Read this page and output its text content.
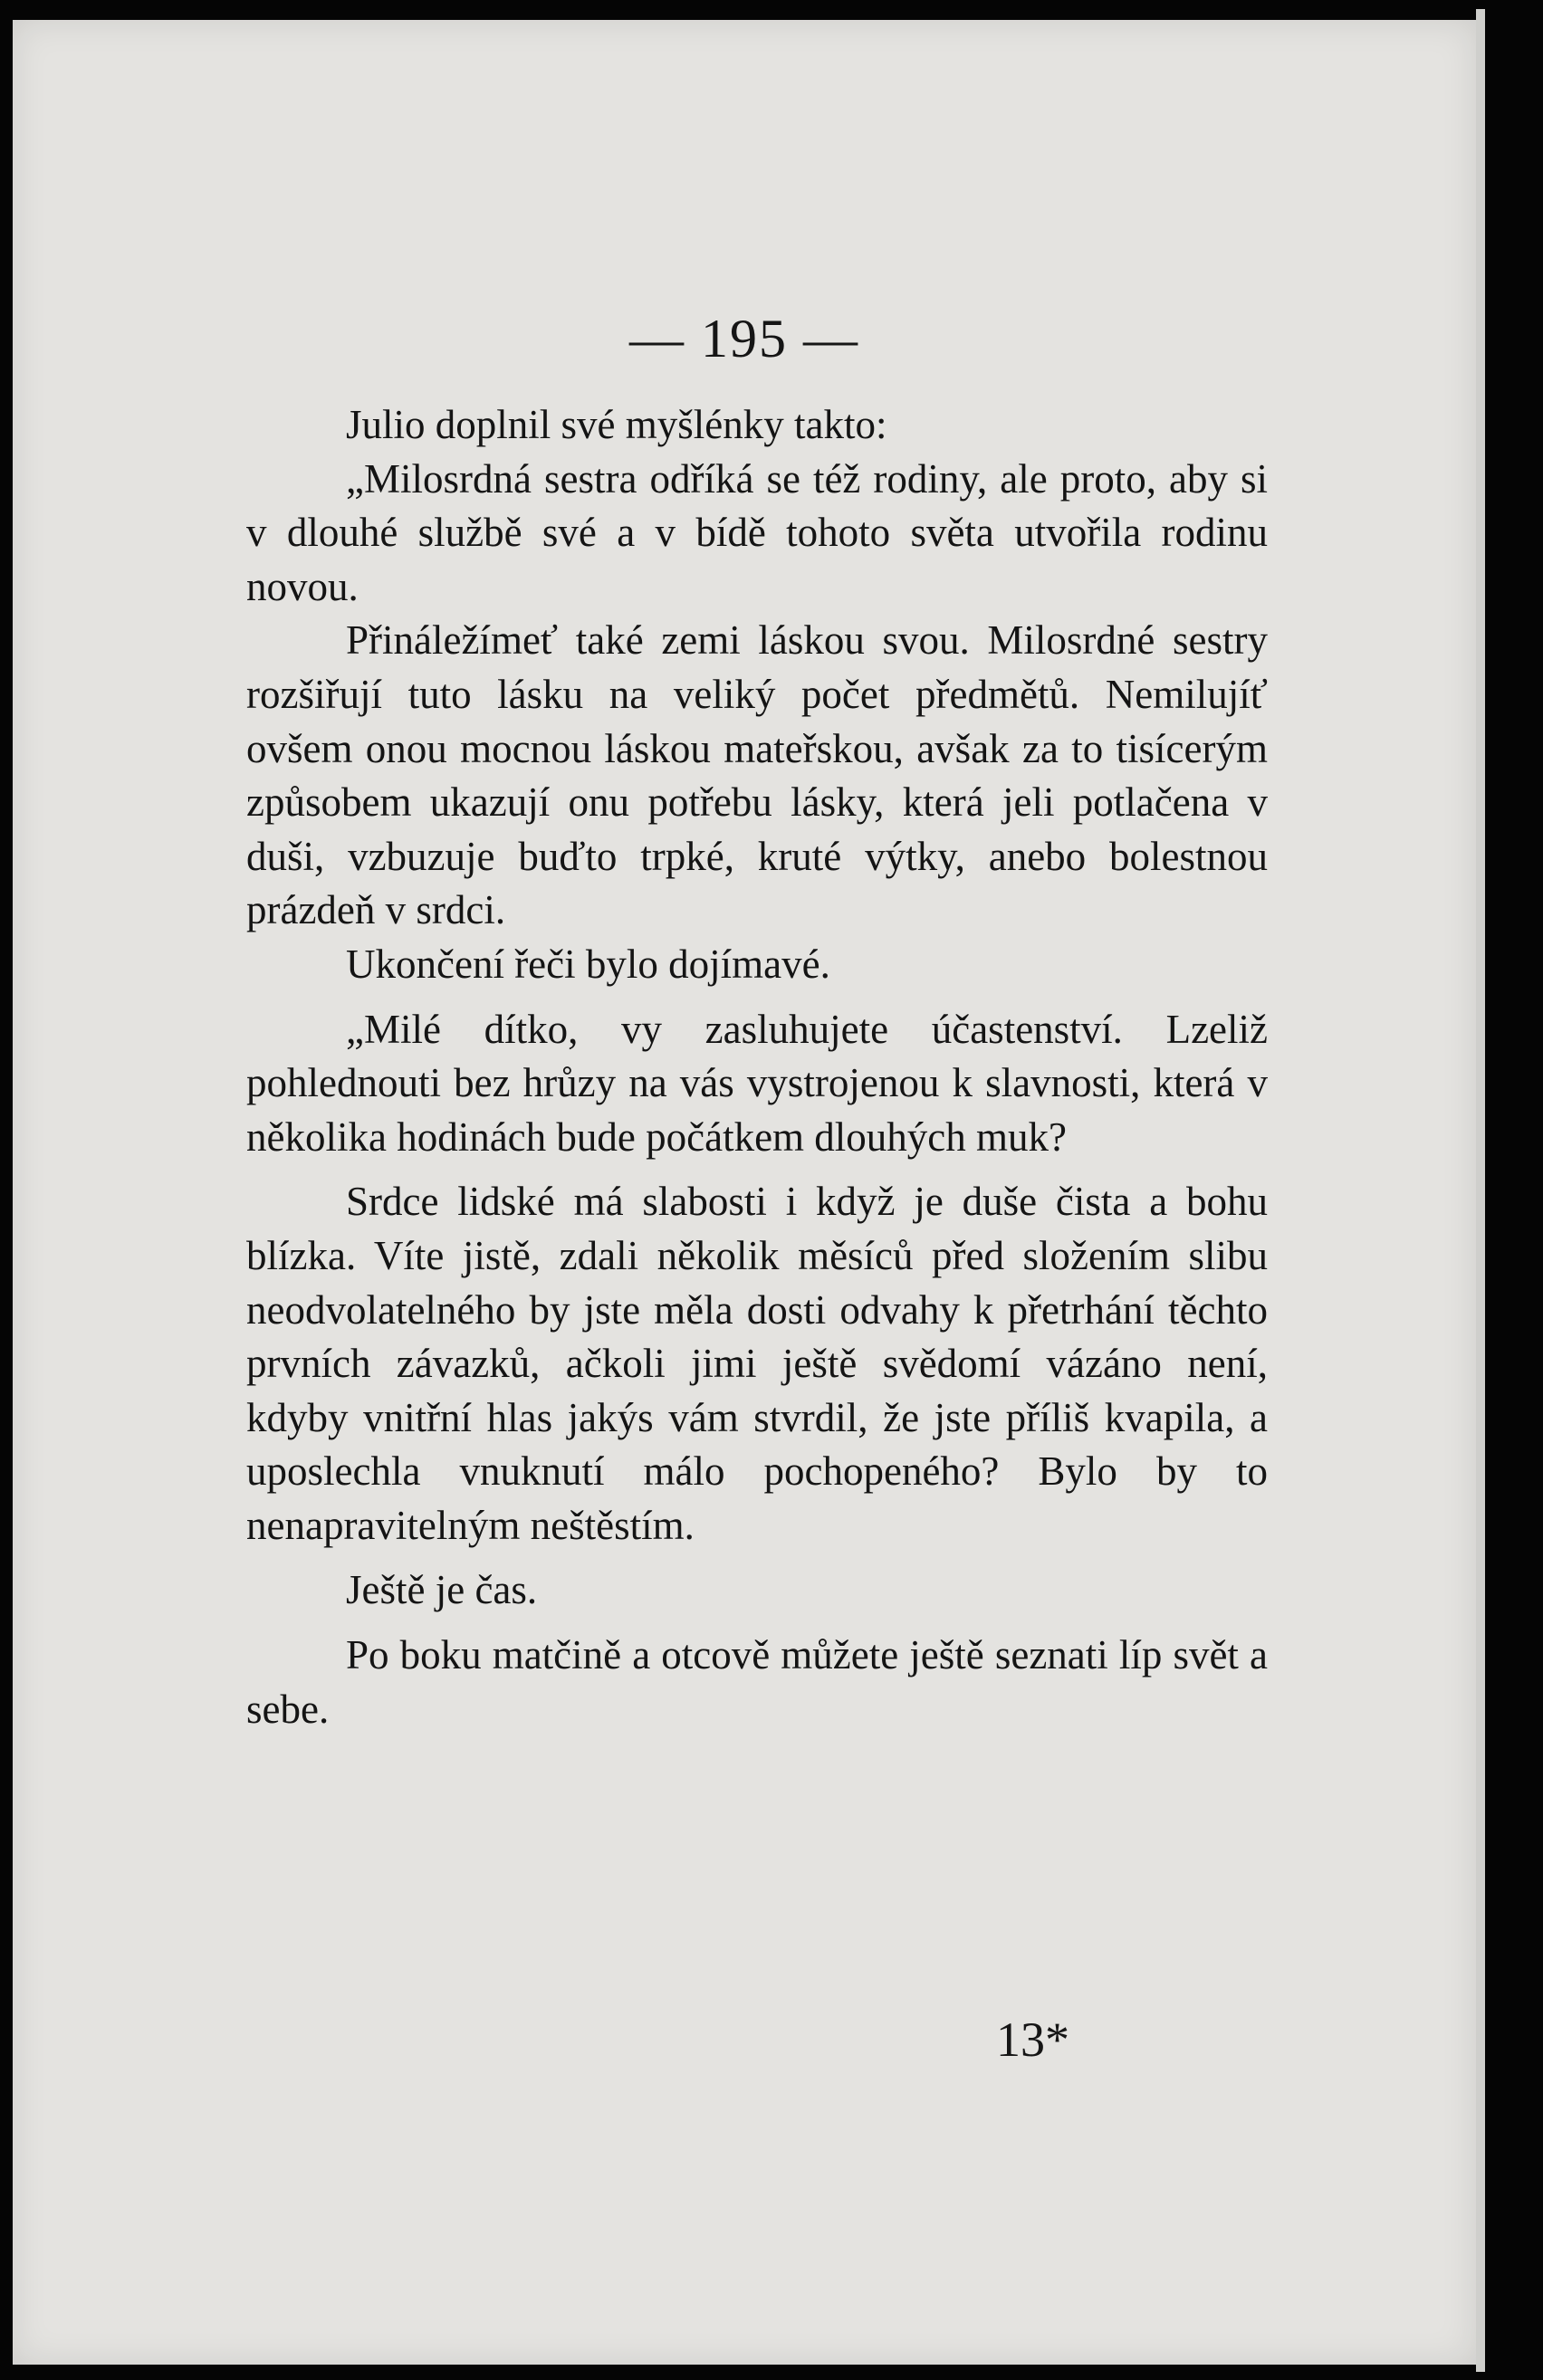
— 195 —

Julio doplnil své myšlénky takto:

„Milosrdná sestra odříká se též rodiny, ale proto, aby si v dlouhé službě své a v bídě tohoto světa utvořila rodinu novou.

Přináležímeť také zemi láskou svou. Milosrdné sestry rozšiřují tuto lásku na veliký počet předmětů. Nemilujíť ovšem onou mocnou láskou mateřskou, avšak za to tisícerým způsobem ukazují onu potřebu lásky, která jeli potlačena v duši, vzbuzuje buďto trpké, kruté výtky, anebo bolestnou prázdeň v srdci.

Ukončení řeči bylo dojímavé.

„Milé dítko, vy zasluhujete účastenství. Lzeliž pohlednouti bez hrůzy na vás vystrojenou k slavnosti, která v několika hodinách bude počátkem dlouhých muk?

Srdce lidské má slabosti i když je duše čista a bohu blízka. Víte jistě, zdali několik měsíců před složením slibu neodvolatelného by jste měla dosti odvahy k přetrhání těchto prvních závazků, ačkoli jimi ještě svědomí vázáno není, kdyby vnitřní hlas jakýs vám stvrdil, že jste příliš kvapila, a uposlechla vnuknutí málo pochopeného? Bylo by to nenapravitelným neštěstím.

Ještě je čas.

Po boku matčině a otcově můžete ještě seznati líp svět a sebe.

13*
